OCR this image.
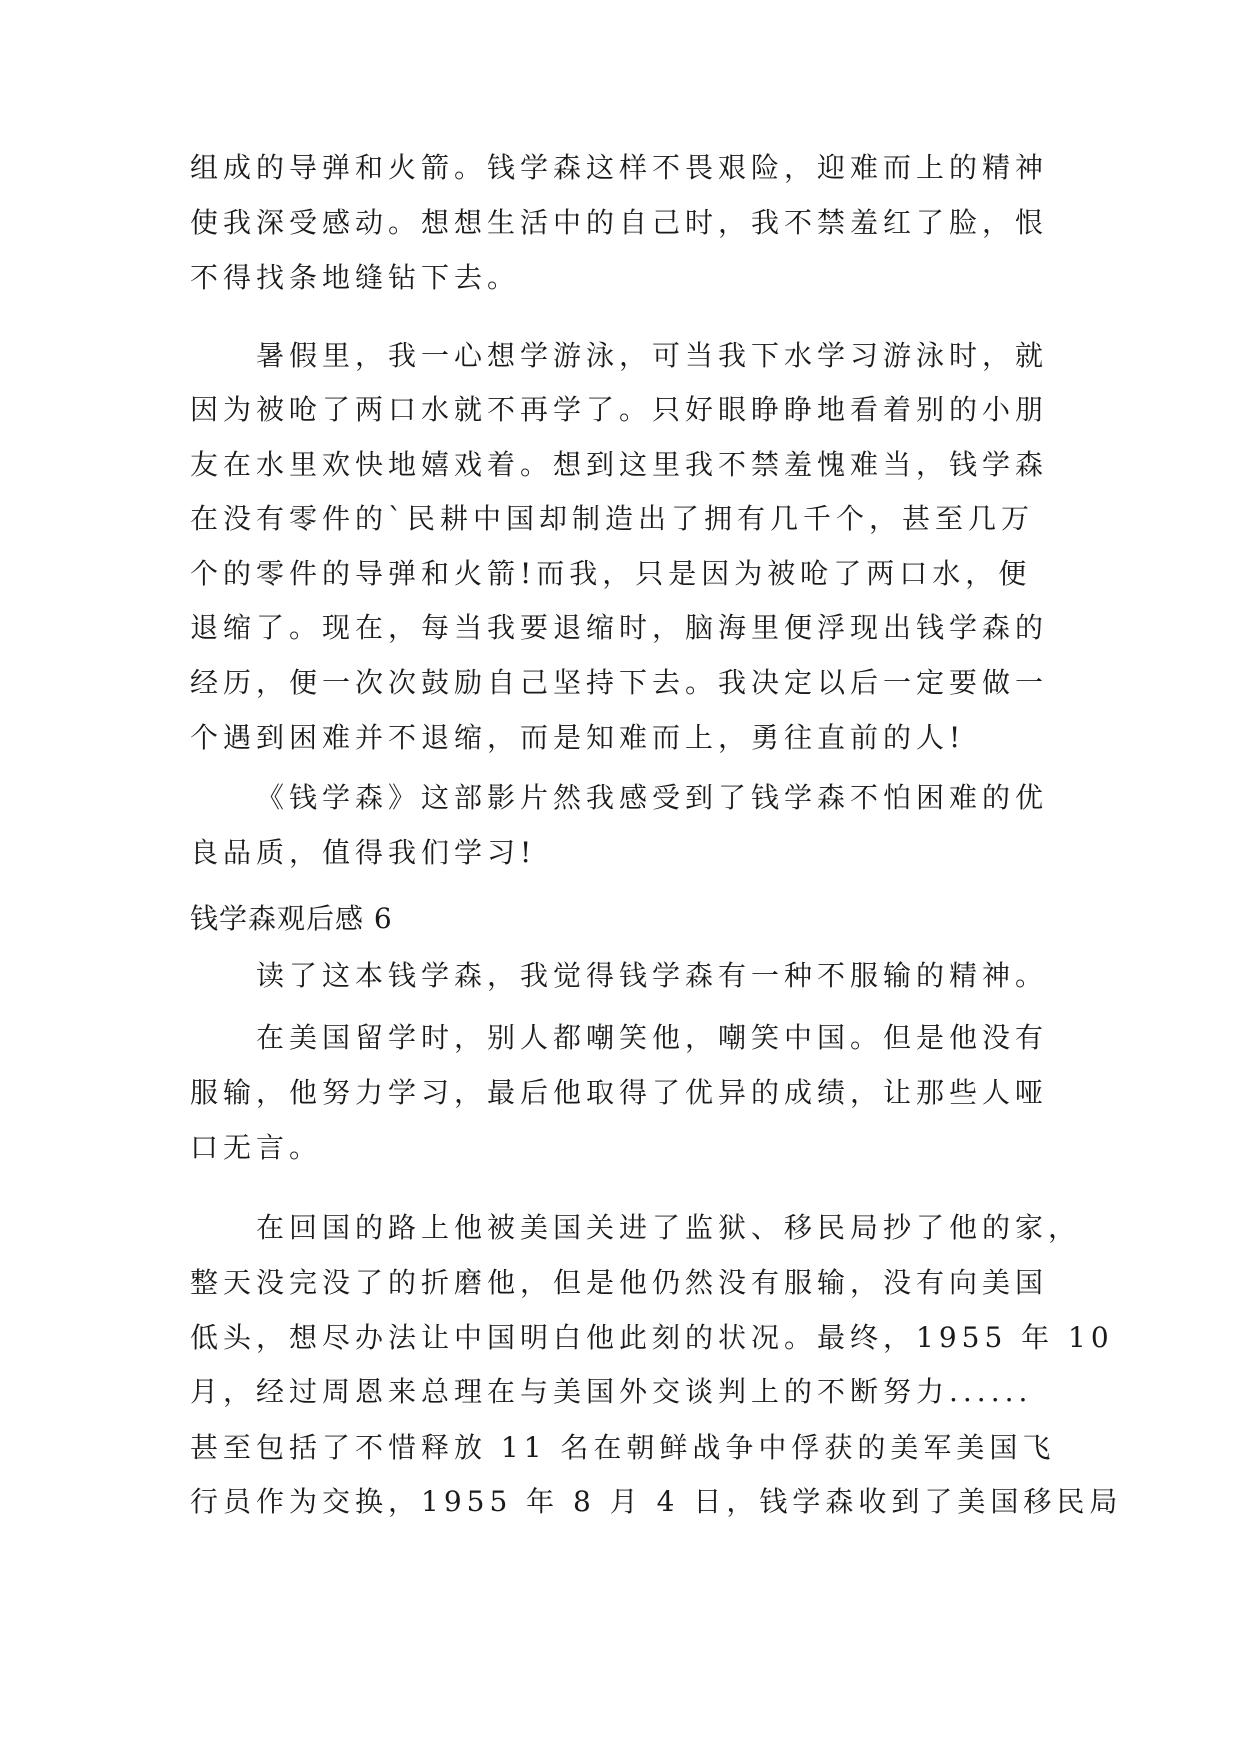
组成的导弹和火箭。钱学森这样不畏艰险，迎难而上的精神
使我深受感动。想想生活中的自己时，我不禁羞红了脸，恨
不得找条地缝钻下去。
暑假里，我一心想学游泳，可当我下水学习游泳时，就
因为被呛了两口水就不再学了。只好眼睁睁地看着别的小朋
友在水里欢快地嬉戏着。想到这里我不禁羞愧难当，钱学森
在没有零件的`民耕中国却制造出了拥有几千个，甚至几万
个的零件的导弹和火箭!而我，只是因为被呛了两口水，便
退缩了。现在，每当我要退缩时，脑海里便浮现出钱学森的
经历，便一次次鼓励自己坚持下去。我决定以后一定要做一
个遇到困难并不退缩，而是知难而上，勇往直前的人!
《钱学森》这部影片然我感受到了钱学森不怕困难的优
良品质，值得我们学习!
钱学森观后感 6
读了这本钱学森，我觉得钱学森有一种不服输的精神。
在美国留学时，别人都嘲笑他，嘲笑中国。但是他没有
服输，他努力学习，最后他取得了优异的成绩，让那些人哑
口无言。
在回国的路上他被美国关进了监狱、移民局抄了他的家，
整天没完没了的折磨他，但是他仍然没有服输，没有向美国
低头，想尽办法让中国明白他此刻的状况。最终，1955 年 10
月，经过周恩来总理在与美国外交谈判上的不断努力......
甚至包括了不惜释放 11 名在朝鲜战争中俘获的美军美国飞
行员作为交换，1955 年 8 月 4 日，钱学森收到了美国移民局
